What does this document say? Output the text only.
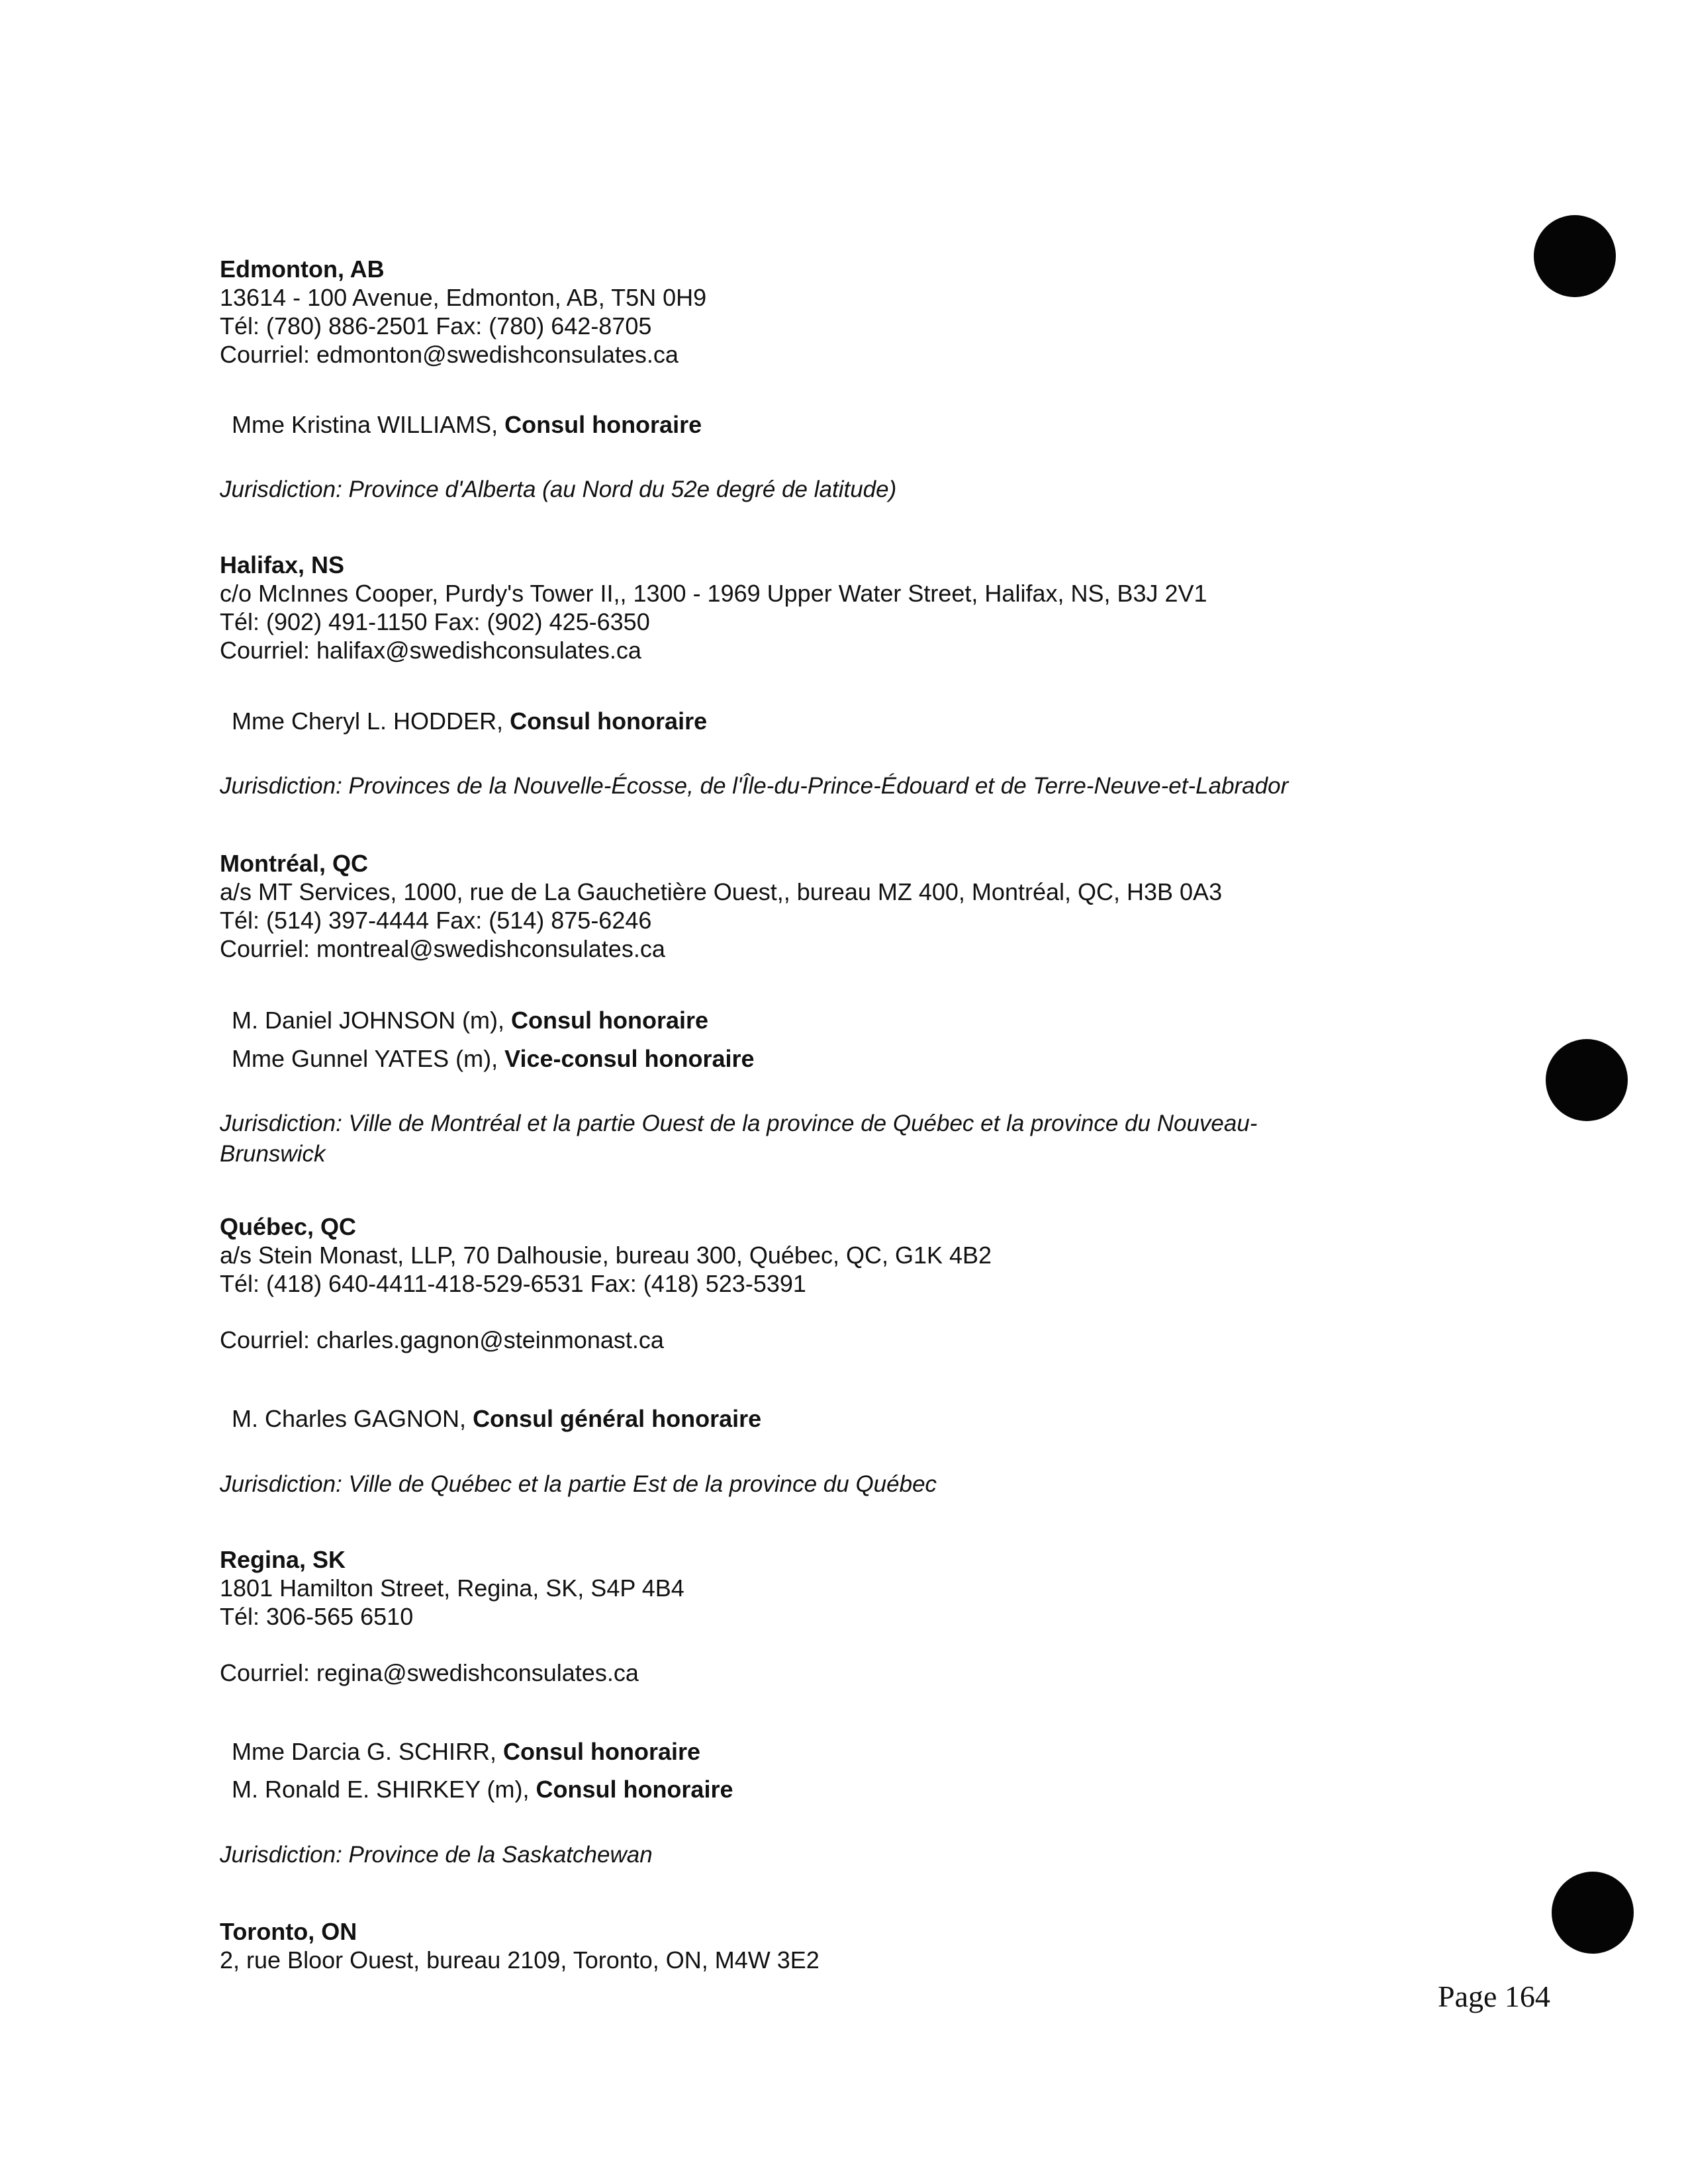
Edmonton, AB
13614 - 100 Avenue, Edmonton, AB, T5N 0H9
Tél: (780) 886-2501 Fax: (780) 642-8705
Courriel: edmonton@swedishconsulates.ca
Mme Kristina WILLIAMS, Consul honoraire
Jurisdiction: Province d'Alberta (au Nord du 52e degré de latitude)
Halifax, NS
c/o McInnes Cooper, Purdy's Tower II,, 1300 - 1969 Upper Water Street, Halifax, NS, B3J 2V1
Tél: (902) 491-1150 Fax: (902) 425-6350
Courriel: halifax@swedishconsulates.ca
Mme Cheryl L. HODDER, Consul honoraire
Jurisdiction: Provinces de la Nouvelle-Écosse, de l'Île-du-Prince-Édouard et de Terre-Neuve-et-Labrador
Montréal, QC
a/s MT Services, 1000, rue de La Gauchetière Ouest,, bureau MZ 400, Montréal, QC, H3B 0A3
Tél: (514) 397-4444 Fax: (514) 875-6246
Courriel: montreal@swedishconsulates.ca
M. Daniel JOHNSON (m), Consul honoraire
Mme Gunnel YATES (m), Vice-consul honoraire
Jurisdiction: Ville de Montréal et la partie Ouest de la province de Québec et la province du Nouveau-Brunswick
Québec, QC
a/s Stein Monast, LLP, 70 Dalhousie, bureau 300, Québec, QC, G1K 4B2
Tél: (418) 640-4411-418-529-6531 Fax: (418) 523-5391
Courriel: charles.gagnon@steinmonast.ca
M. Charles GAGNON, Consul général honoraire
Jurisdiction: Ville de Québec et la partie Est de la province du Québec
Regina, SK
1801 Hamilton Street, Regina, SK, S4P 4B4
Tél: 306-565 6510
Courriel: regina@swedishconsulates.ca
Mme Darcia G. SCHIRR, Consul honoraire
M. Ronald E. SHIRKEY (m), Consul honoraire
Jurisdiction: Province de la Saskatchewan
Toronto, ON
2, rue Bloor Ouest, bureau 2109, Toronto, ON, M4W 3E2
Page 164
